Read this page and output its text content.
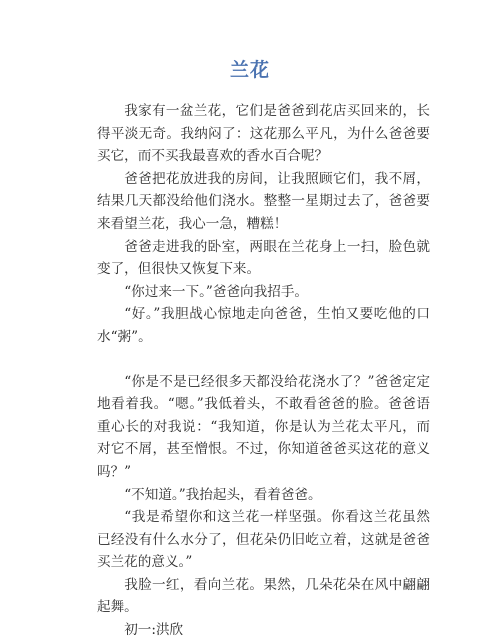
兰花

我家有一盆兰花，它们是爸爸到花店买回来的，长得平淡无奇。我纳闷了：这花那么平凡，为什么爸爸要买它，而不买我最喜欢的香水百合呢？

爸爸把花放进我的房间，让我照顾它们，我不屑，结果几天都没给他们浇水。整整一星期过去了，爸爸要来看望兰花，我心一急，糟糕！

爸爸走进我的卧室，两眼在兰花身上一扫，脸色就变了，但很快又恢复下来。

“你过来一下。”爸爸向我招手。

“好。”我胆战心惊地走向爸爸，生怕又要吃他的口水“粥”。

“你是不是已经很多天都没给花浇水了？”爸爸定定地看着我。“嗯。”我低着头，不敢看爸爸的脸。爸爸语重心长的对我说：“我知道，你是认为兰花太平凡，而对它不屑，甚至憎恨。不过，你知道爸爸买这花的意义吗？”

“不知道。”我抬起头，看着爸爸。

“我是希望你和这兰花一样坚强。你看这兰花虽然已经没有什么水分了，但花朵仍旧屹立着，这就是爸爸买兰花的意义。”

我脸一红，看向兰花。果然，几朵花朵在风中翩翩起舞。

初一:洪欣
